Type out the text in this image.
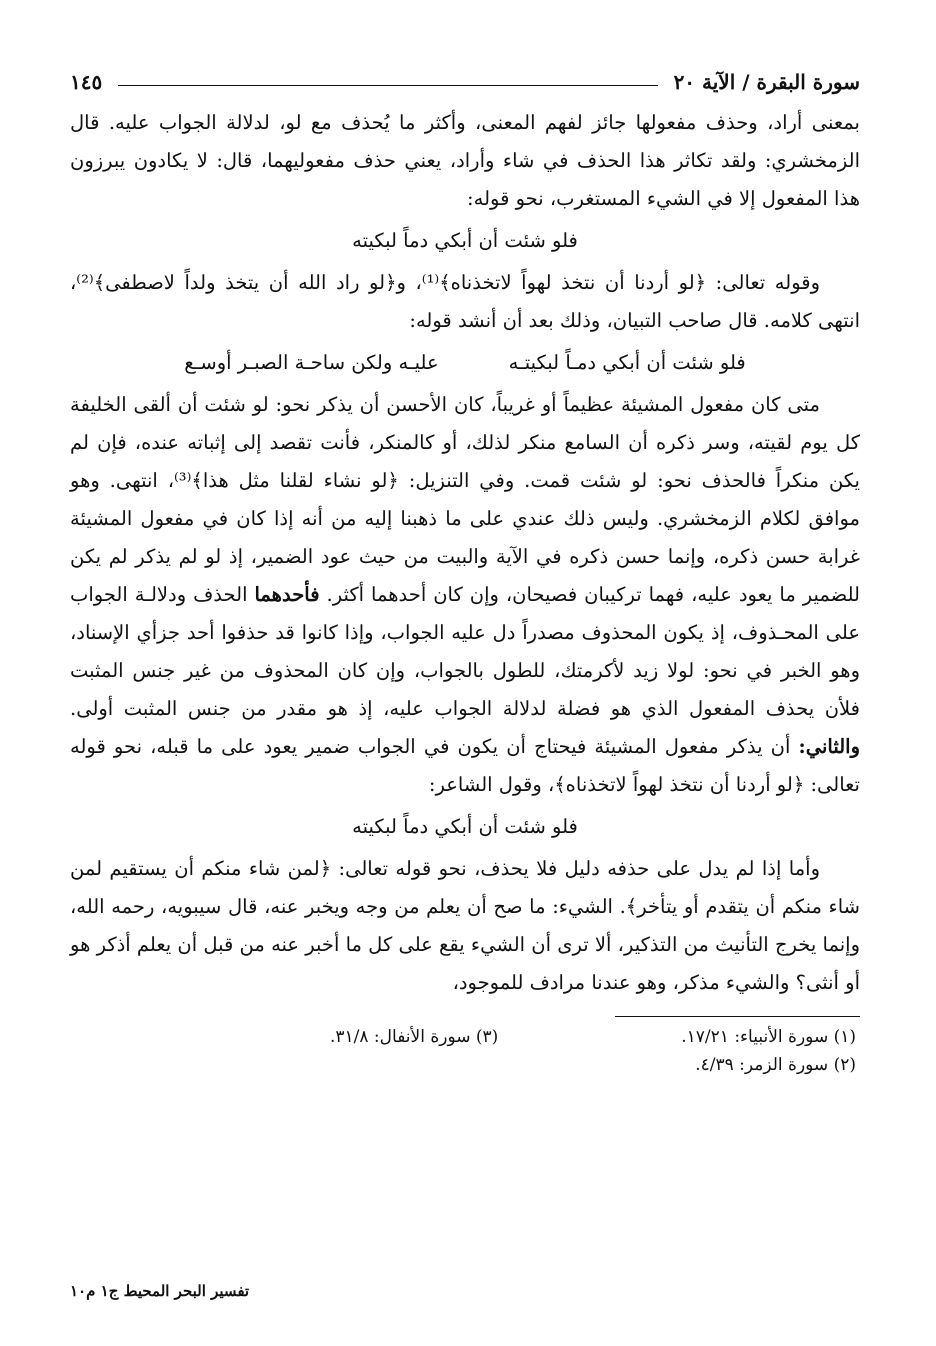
سورة البقرة / الآية ٢٠
١٤٥

بمعنى أراد، وحذف مفعولها جائز لفهم المعنى، وأكثر ما يُحذف مع لو، لدلالة الجواب عليه. قال الزمخشري: ولقد تكاثر هذا الحذف في شاء وأراد، يعني حذف مفعوليهما، قال: لا يكادون يبرزون هذا المفعول إلا في الشيء المستغرب، نحو قوله:

فلو شئت أن أبكي دماً لبكيته

وقوله تعالى: ﴿لو أردنا أن نتخذ لهواً لاتخذناه﴾⁽¹⁾، و﴿لو راد الله أن يتخذ ولداً لاصطفى﴾⁽²⁾، انتهى كلامه. قال صاحب التبيان، وذلك بعد أن أنشد قوله:

فلو شئت أن أبكي دمـاً لبكيتـه
عليـه ولكن ساحـة الصبـر أوسـع

متى كان مفعول المشيئة عظيماً أو غريباً، كان الأحسن أن يذكر نحو: لو شئت أن ألقى الخليفة كل يوم لقيته، وسر ذكره أن السامع منكر لذلك، أو كالمنكر، فأنت تقصد إلى إثباته عنده، فإن لم يكن منكراً فالحذف نحو: لو شئت قمت. وفي التنزيل: ﴿لو نشاء لقلنا مثل هذا﴾⁽³⁾، انتهى. وهو موافق لكلام الزمخشري. وليس ذلك عندي على ما ذهبنا إليه من أنه إذا كان في مفعول المشيئة غرابة حسن ذكره، وإنما حسن ذكره في الآية والبيت من حيث عود الضمير، إذ لو لم يذكر لم يكن للضمير ما يعود عليه، فهما تركيبان فصيحان، وإن كان أحدهما أكثر. فأحدهما الحذف ودلالـة الجواب على المحـذوف، إذ يكون المحذوف مصدراً دل عليه الجواب، وإذا كانوا قد حذفوا أحد جزأي الإسناد، وهو الخبر في نحو: لولا زيد لأكرمتك، للطول بالجواب، وإن كان المحذوف من غير جنس المثبت فلأن يحذف المفعول الذي هو فضلة لدلالة الجواب عليه، إذ هو مقدر من جنس المثبت أولى. والثاني: أن يذكر مفعول المشيئة فيحتاج أن يكون في الجواب ضمير يعود على ما قبله، نحو قوله تعالى: ﴿لو أردنا أن نتخذ لهواً لاتخذناه﴾، وقول الشاعر:

فلو شئت أن أبكي دماً لبكيته

وأما إذا لم يدل على حذفه دليل فلا يحذف، نحو قوله تعالى: ﴿لمن شاء منكم أن يستقيم لمن شاء منكم أن يتقدم أو يتأخر﴾. الشيء: ما صح أن يعلم من وجه ويخبر عنه، قال سيبويه، رحمه الله، وإنما يخرج التأنيث من التذكير، ألا ترى أن الشيء يقع على كل ما أخبر عنه من قبل أن يعلم أذكر هو أو أنثى؟ والشيء مذكر، وهو عندنا مرادف للموجود،

(١) سورة الأنبياء: ١٧/٢١.

(٢) سورة الزمر: ٤/٣٩.

(٣) سورة الأنفال: ٣١/٨.

تفسير البحر المحيط ج١ م١٠
